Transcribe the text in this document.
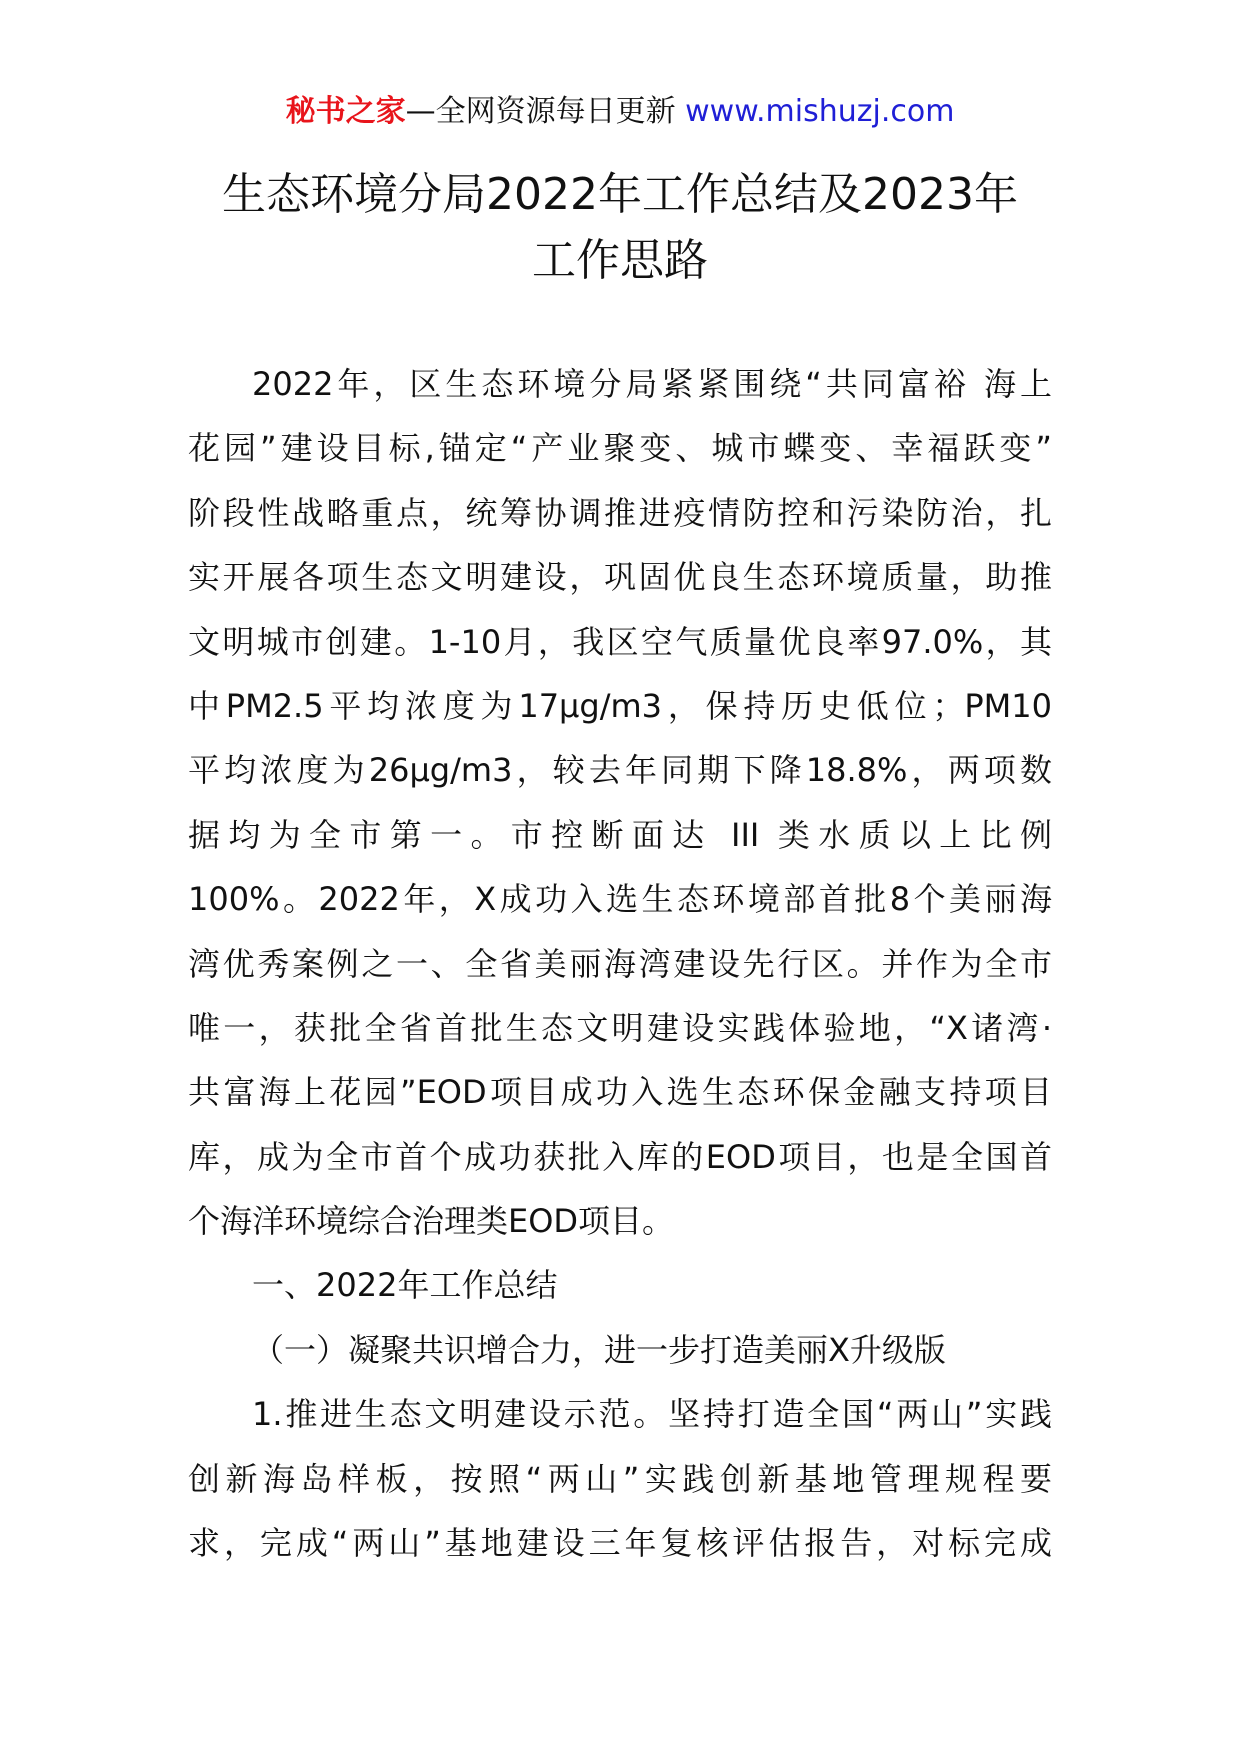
秘书之家—全网资源每日更新 www.mishuzj.com
生态环境分局2022年工作总结及2023年
工作思路
2022年，区生态环境分局紧紧围绕“共同富裕 海上
花园”建设目标,锚定“产业聚变、城市蝶变、幸福跃变”
阶段性战略重点，统筹协调推进疫情防控和污染防治，扎
实开展各项生态文明建设，巩固优良生态环境质量，助推
文明城市创建。1-10月，我区空气质量优良率97.0%，其
中PM2.5平均浓度为17μg/m3，保持历史低位；PM10
平均浓度为26μg/m3，较去年同期下降18.8%，两项数
据均为全市第一。市控断面达 III 类水质以上比例
100%。2022年，X成功入选生态环境部首批8个美丽海
湾优秀案例之一、全省美丽海湾建设先行区。并作为全市
唯一，获批全省首批生态文明建设实践体验地，“X诸湾·
共富海上花园”EOD项目成功入选生态环保金融支持项目
库，成为全市首个成功获批入库的EOD项目，也是全国首
个海洋环境综合治理类EOD项目。
一、2022年工作总结
（一）凝聚共识增合力，进一步打造美丽X升级版
1.推进生态文明建设示范。坚持打造全国“两山”实践
创新海岛样板，按照“两山”实践创新基地管理规程要
求，完成“两山”基地建设三年复核评估报告，对标完成
